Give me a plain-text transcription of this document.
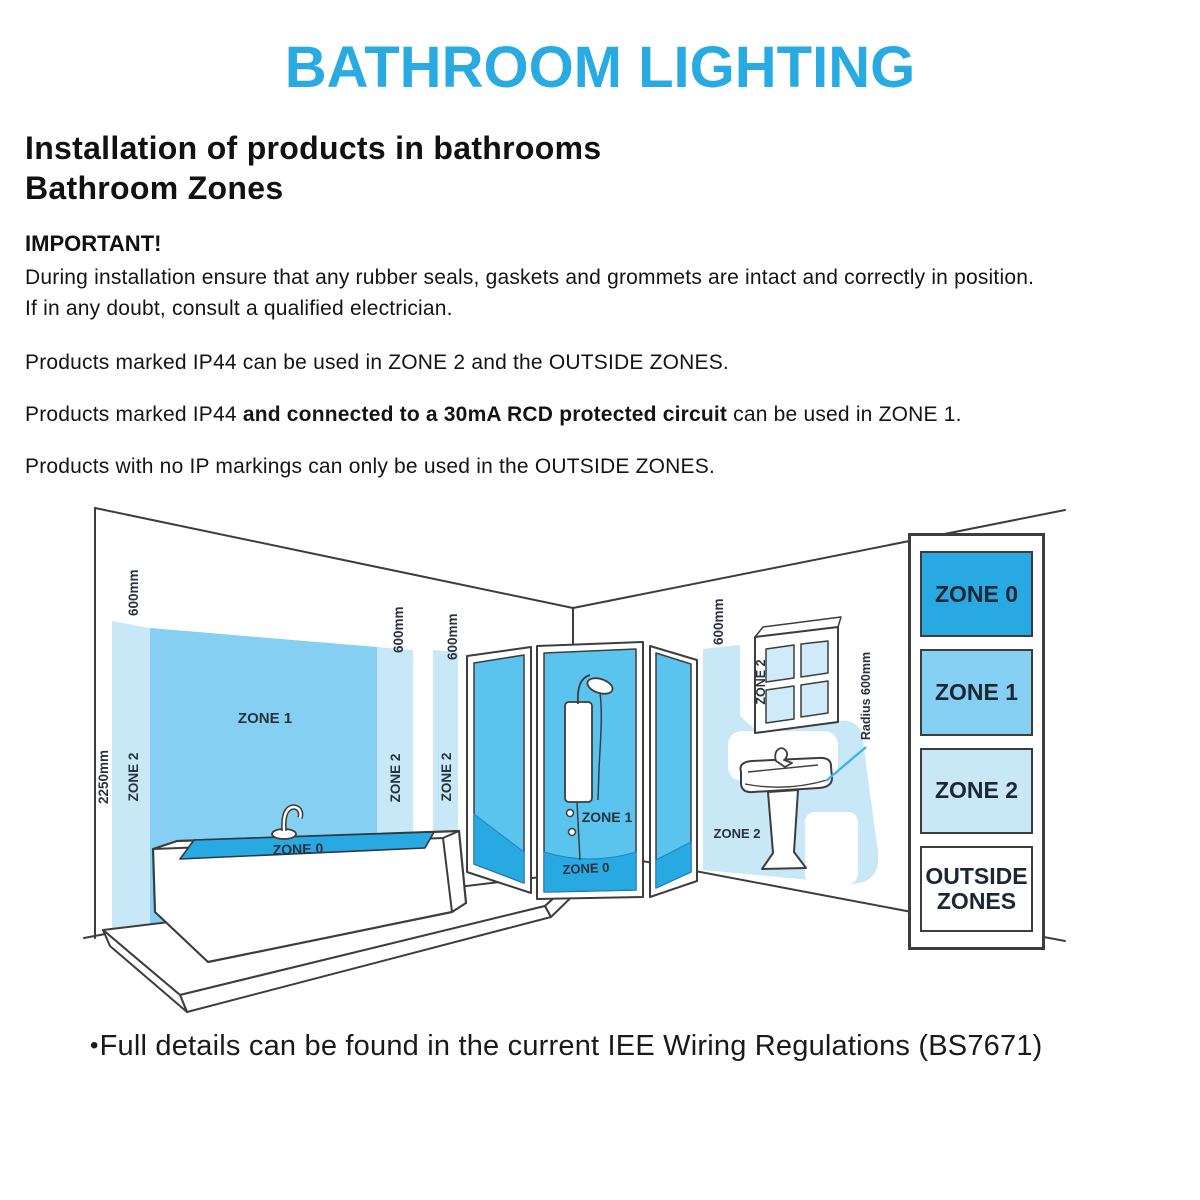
BATHROOM LIGHTING
Installation of products in bathrooms
Bathroom Zones
IMPORTANT!
During installation ensure that any rubber seals, gaskets and grommets are intact and correctly in position.
If in any doubt, consult a qualified electrician.
Products marked IP44 can be used in ZONE 2 and the OUTSIDE ZONES.
Products marked IP44 and connected to a 30mA RCD protected circuit can be used in ZONE 1.
Products with no IP markings can only be used in the OUTSIDE ZONES.
600mm
600mm	600mm	600mm
2250mm ZONE 2	ZONE 2	ZONE 2
ZONE 2	Radius 600mm
ZONE 1
ZONE 0
ZONE 1
ZONE 0
ZONE 2
ZONE 0
ZONE 1
ZONE 2
OUTSIDE ZONES
•Full details can be found in the current IEE Wiring Regulations (BS7671)
